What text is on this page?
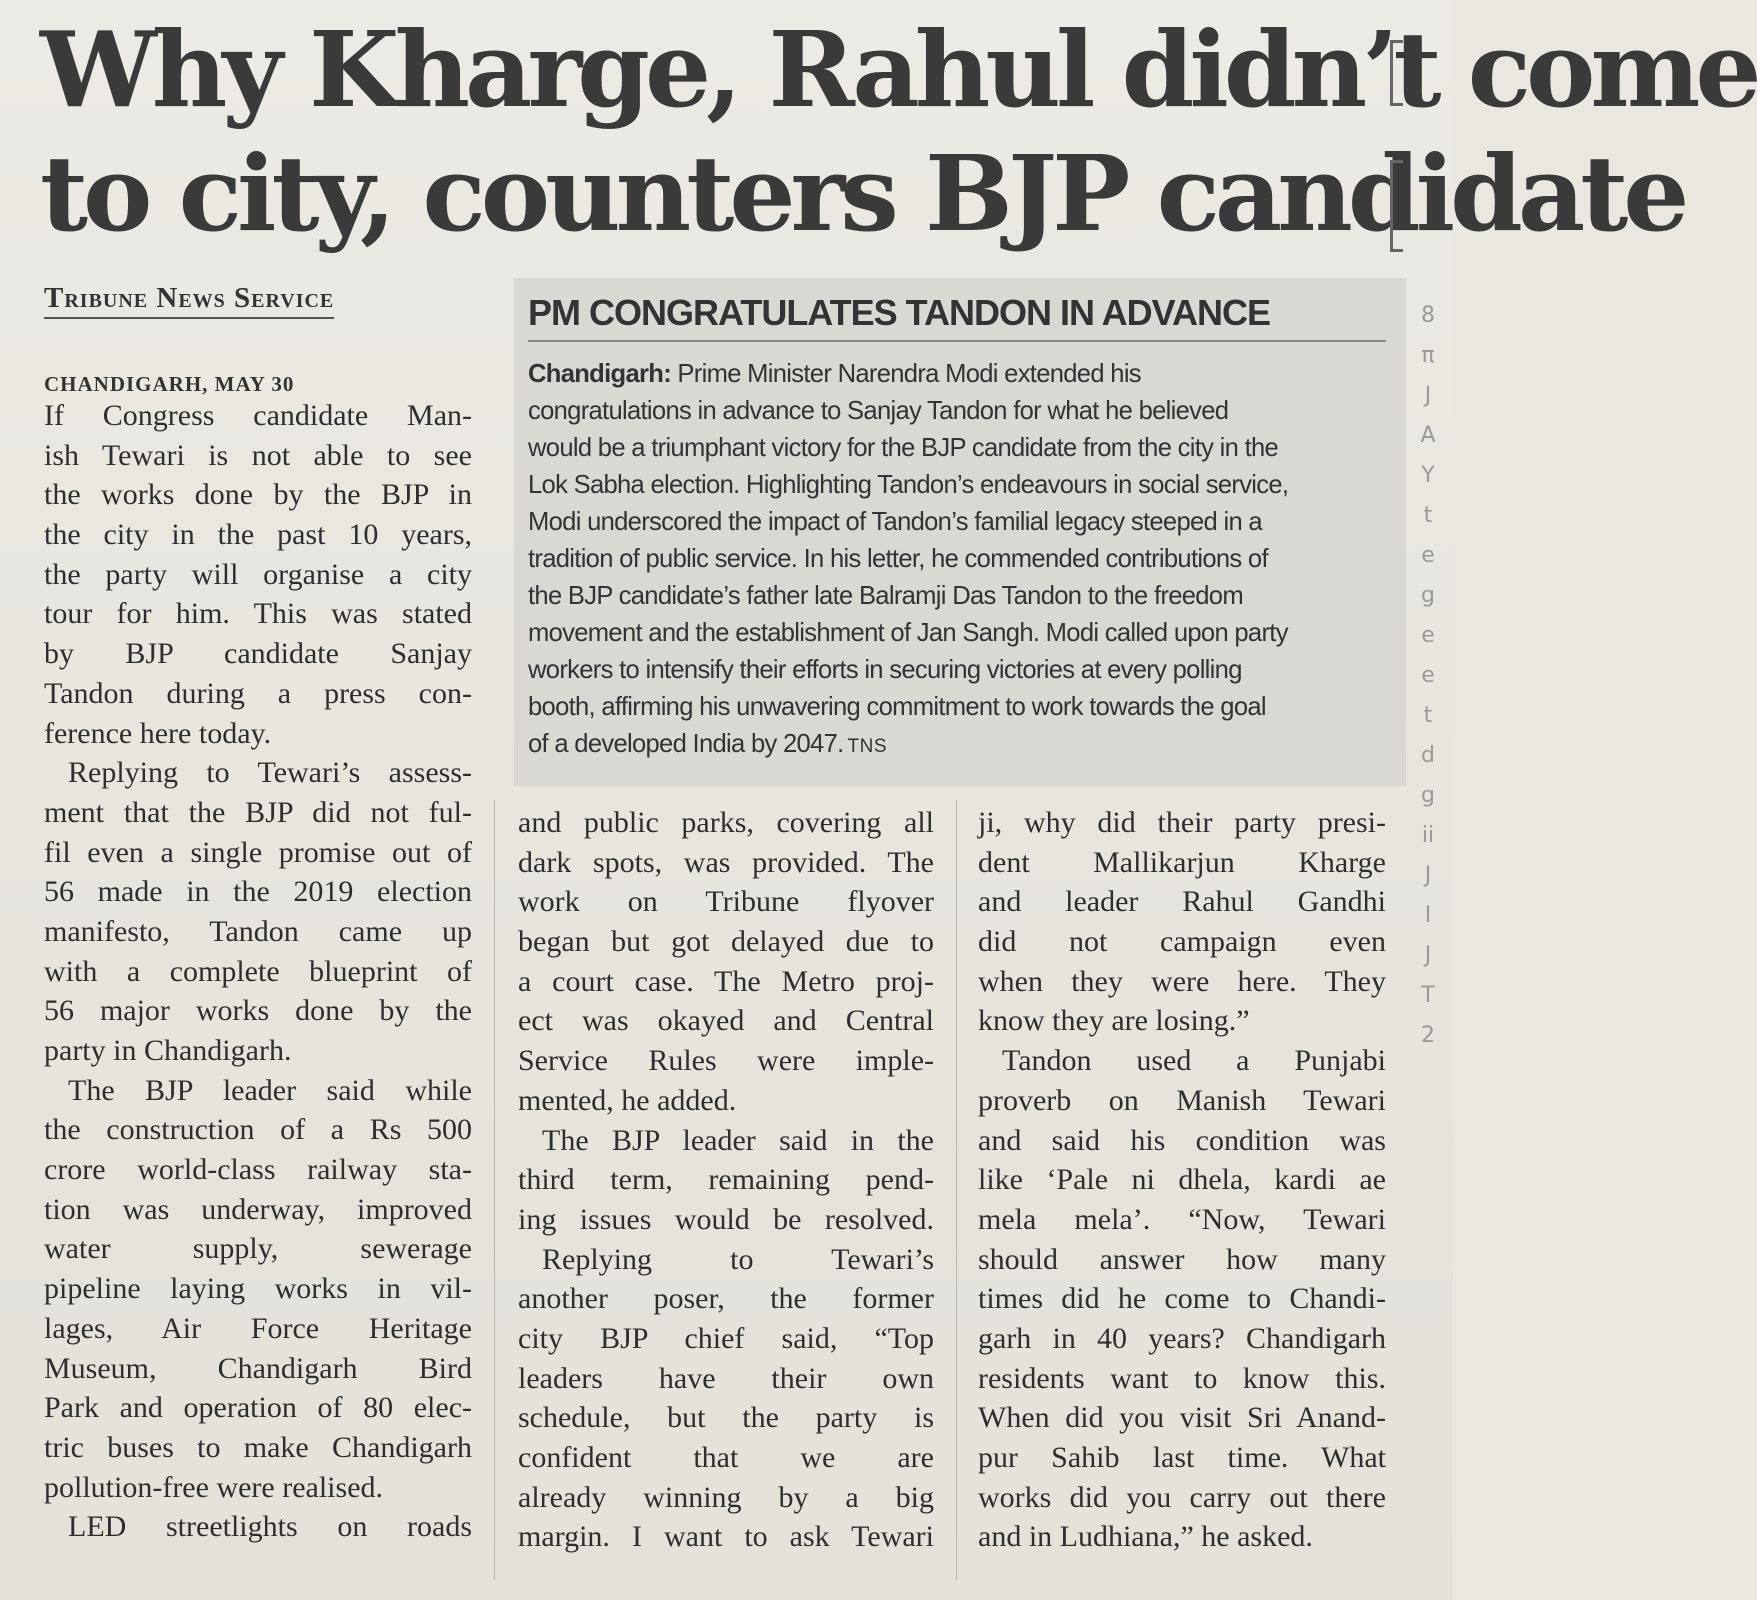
Why Kharge, Rahul didn’t come
to city, counters BJP candidate
Tribune News Service
CHANDIGARH, MAY 30
PM CONGRATULATES TANDON IN ADVANCE
Chandigarh: Prime Minister Narendra Modi extended his
congratulations in advance to Sanjay Tandon for what he believed
would be a triumphant victory for the BJP candidate from the city in the
Lok Sabha election. Highlighting Tandon’s endeavours in social service,
Modi underscored the impact of Tandon’s familial legacy steeped in a
tradition of public service. In his letter, he commended contributions of
the BJP candidate’s father late Balramji Das Tandon to the freedom
movement and the establishment of Jan Sangh. Modi called upon party
workers to intensify their efforts in securing victories at every polling
booth, affirming his unwavering commitment to work towards the goal
of a developed India by 2047. TNS
If Congress candidate Man-
ish Tewari is not able to see
the works done by the BJP in
the city in the past 10 years,
the party will organise a city
tour for him. This was stated
by BJP candidate Sanjay
Tandon during a press con-
ference here today.
Replying to Tewari’s assess-
ment that the BJP did not ful-
fil even a single promise out of
56 made in the 2019 election
manifesto, Tandon came up
with a complete blueprint of
56 major works done by the
party in Chandigarh.
The BJP leader said while
the construction of a Rs 500
crore world-class railway sta-
tion was underway, improved
water supply, sewerage
pipeline laying works in vil-
lages, Air Force Heritage
Museum, Chandigarh Bird
Park and operation of 80 elec-
tric buses to make Chandigarh
pollution-free were realised.
LED streetlights on roads
and public parks, covering all
dark spots, was provided. The
work on Tribune flyover
began but got delayed due to
a court case. The Metro proj-
ect was okayed and Central
Service Rules were imple-
mented, he added.
The BJP leader said in the
third term, remaining pend-
ing issues would be resolved.
Replying to Tewari’s
another poser, the former
city BJP chief said, “Top
leaders have their own
schedule, but the party is
confident that we are
already winning by a big
margin. I want to ask Tewari
ji, why did their party presi-
dent Mallikarjun Kharge
and leader Rahul Gandhi
did not campaign even
when they were here. They
know they are losing.”
Tandon used a Punjabi
proverb on Manish Tewari
and said his condition was
like ‘Pale ni dhela, kardi ae
mela mela’. “Now, Tewari
should answer how many
times did he come to Chandi-
garh in 40 years? Chandigarh
residents want to know this.
When did you visit Sri Anand-
pur Sahib last time. What
works did you carry out there
and in Ludhiana,” he asked.
8
π
J
A
Y
t
e
g
e
e
t
d
g
ii
J
I
J
T
2
